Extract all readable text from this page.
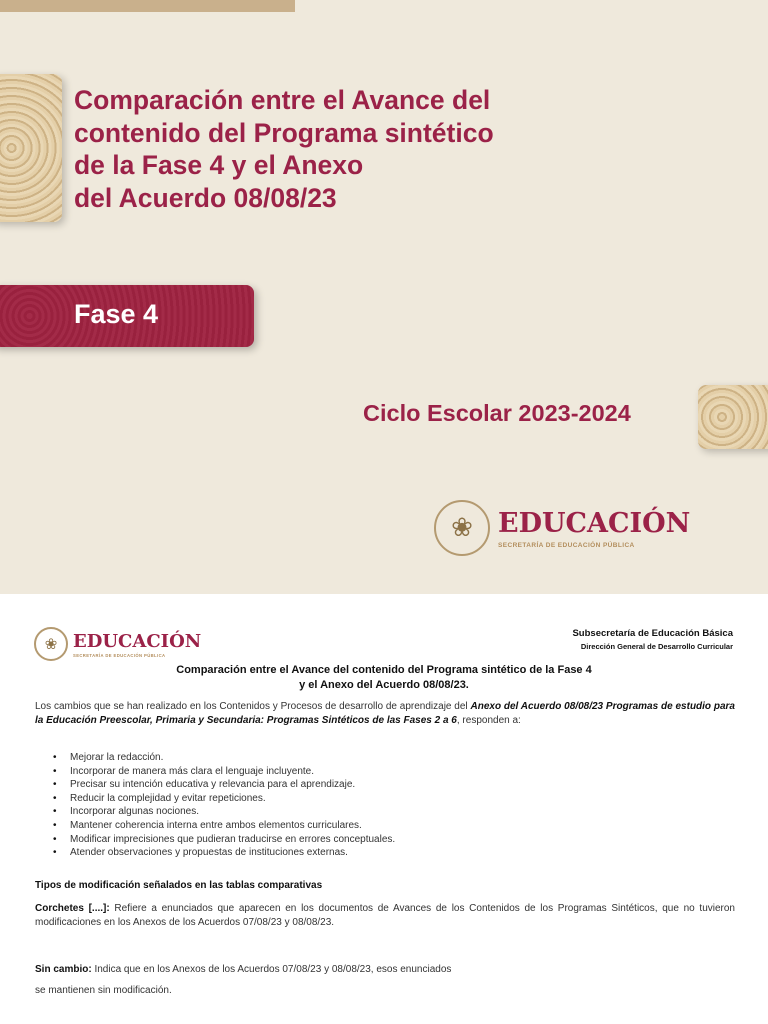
Comparación entre el Avance del
contenido del Programa sintético
de la Fase 4 y el Anexo
del Acuerdo 08/08/23
Fase 4
Ciclo Escolar 2023-2024
❀ EDUCACIÓN
SECRETARÍA DE EDUCACIÓN PÚBLICA
❀ EDUCACIÓN
SECRETARÍA DE EDUCACIÓN PÚBLICA
Subsecretaría de Educación Básica
Dirección General de Desarrollo Curricular
Comparación entre el Avance del contenido del Programa sintético de la Fase 4
y el Anexo del Acuerdo 08/08/23.

Los cambios que se han realizado en los Contenidos y Procesos de desarrollo de aprendizaje del Anexo del Acuerdo 08/08/23 Programas de estudio para la Educación Preescolar, Primaria y Secundaria: Programas Sintéticos de las Fases 2 a 6, responden a:

• Mejorar la redacción.
• Incorporar de manera más clara el lenguaje incluyente.
• Precisar su intención educativa y relevancia para el aprendizaje.
• Reducir la complejidad y evitar repeticiones.
• Incorporar algunas nociones.
• Mantener coherencia interna entre ambos elementos curriculares.
• Modificar imprecisiones que pudieran traducirse en errores conceptuales.
• Atender observaciones y propuestas de instituciones externas.
Tipos de modificación señalados en las tablas comparativas

Corchetes [....]: Refiere a enunciados que aparecen en los documentos de Avances de los Contenidos de los Programas Sintéticos, que no tuvieron modificaciones en los Anexos de los Acuerdos 07/08/23 y 08/08/23.

Sin cambio: Indica que en los Anexos de los Acuerdos 07/08/23 y 08/08/23, esos enunciados se mantienen sin modificación.
